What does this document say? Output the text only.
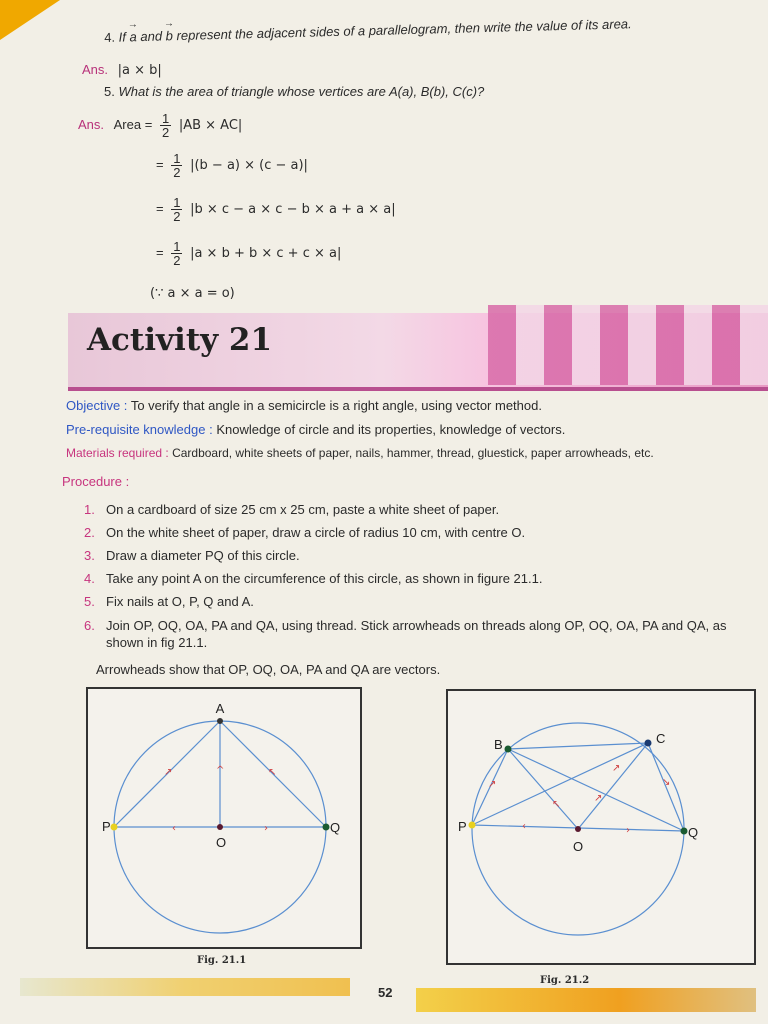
4. If → a and → b represent the adjacent sides of a parallelogram, then write the value of its area.
Ans. |a × b|
5. What is the area of triangle whose vertices are A(a), B(b), C(c)?
Ans. Area = $\frac{1}{2} |AB \times AC|$
= $\frac{1}{2} |(b - a) \times (c - a)|$
= $\frac{1}{2} |b \times c - a \times c - b \times a + a \times a|$
= $\frac{1}{2} |a \times b + b \times c + c \times a|$
(∵ a × a = o)
Activity 21
Objective : To verify that angle in a semicircle is a right angle, using vector method.
Pre-requisite knowledge : Knowledge of circle and its properties, knowledge of vectors.
Materials required : Cardboard, white sheets of paper, nails, hammer, thread, gluestick, paper arrowheads, etc.
Procedure :
1. On a cardboard of size 25 cm x 25 cm, paste a white sheet of paper.
2. On the white sheet of paper, draw a circle of radius 10 cm, with centre O.
3. Draw a diameter PQ of this circle.
4. Take any point A on the circumference of this circle, as shown in figure 21.1.
5. Fix nails at O, P, Q and A.
6. Join OP, OQ, OA, PA and QA, using thread. Stick arrowheads on threads along OP, OQ, OA, PA and QA, as shown in fig 21.1.
Arrowheads show that OP, OQ, OA, PA and QA are vectors.
‹	›
^
↗	↖
A
P	Q
O
Fig. 21.1
‹	›
↗
↗
↘
↖
↗
B	C
P	Q
O
Fig. 21.2
52
